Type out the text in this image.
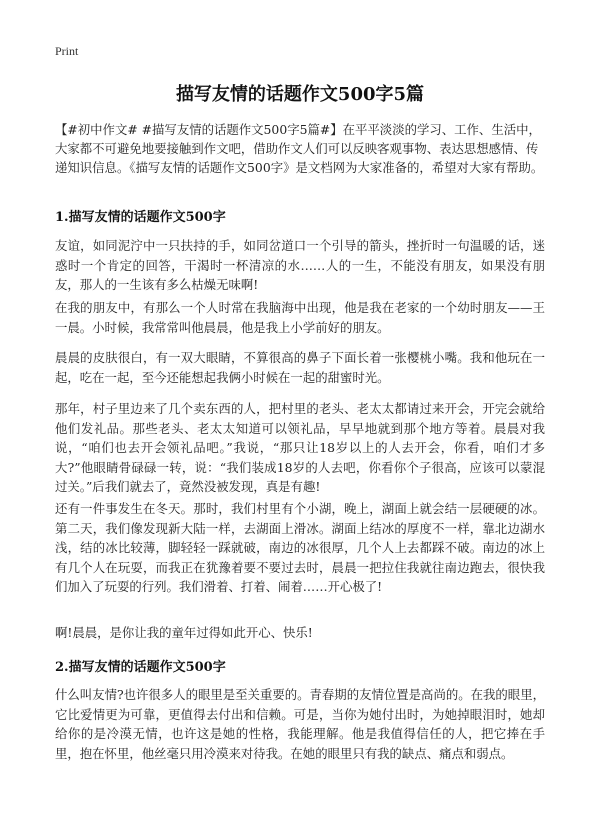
Print
描写友情的话题作文500字5篇

【#初中作文# #描写友情的话题作文500字5篇#】在平平淡淡的学习、工作、生活中，大家都不可避免地要接触到作文吧，借助作文人们可以反映客观事物、表达思想感情、传递知识信息。《描写友情的话题作文500字》是文档网为大家准备的，希望对大家有帮助。

1.描写友情的话题作文500字

友谊，如同泥泞中一只扶持的手，如同岔道口一个引导的箭头，挫折时一句温暖的话，迷惑时一个肯定的回答，干渴时一杯清凉的水……人的一生，不能没有朋友，如果没有朋友，那人的一生该有多么枯燥无味啊!

在我的朋友中，有那么一个人时常在我脑海中出现，他是我在老家的一个幼时朋友——王一晨。小时候，我常常叫他晨晨，他是我上小学前好的朋友。

晨晨的皮肤很白，有一双大眼睛，不算很高的鼻子下面长着一张樱桃小嘴。我和他玩在一起，吃在一起，至今还能想起我俩小时候在一起的甜蜜时光。

那年，村子里边来了几个卖东西的人，把村里的老头、老太太都请过来开会，开完会就给他们发礼品。那些老头、老太太知道可以领礼品，早早地就到那个地方等着。晨晨对我说，“咱们也去开会领礼品吧。”我说，“那只让18岁以上的人去开会，你看，咱们才多大?”他眼睛骨碌碌一转，说：“我们装成18岁的人去吧，你看你个子很高，应该可以蒙混过关。”后我们就去了，竟然没被发现，真是有趣!

还有一件事发生在冬天。那时，我们村里有个小湖，晚上，湖面上就会结一层硬硬的冰。第二天，我们像发现新大陆一样，去湖面上滑冰。湖面上结冰的厚度不一样，靠北边湖水浅，结的冰比较薄，脚轻轻一踩就破，南边的冰很厚，几个人上去都踩不破。南边的冰上有几个人在玩耍，而我正在犹豫着要不要过去时，晨晨一把拉住我就往南边跑去，很快我们加入了玩耍的行列。我们滑着、打着、闹着……开心极了!

啊!晨晨，是你让我的童年过得如此开心、快乐!

2.描写友情的话题作文500字

什么叫友情?也许很多人的眼里是至关重要的。青春期的友情位置是高尚的。在我的眼里，它比爱情更为可靠，更值得去付出和信赖。可是，当你为她付出时，为她掉眼泪时，她却给你的是冷漠无情，也许这是她的性格，我能理解。他是我值得信任的人，把它捧在手里，抱在怀里，他丝毫只用冷漠来对待我。在她的眼里只有我的缺点、痛点和弱点。
